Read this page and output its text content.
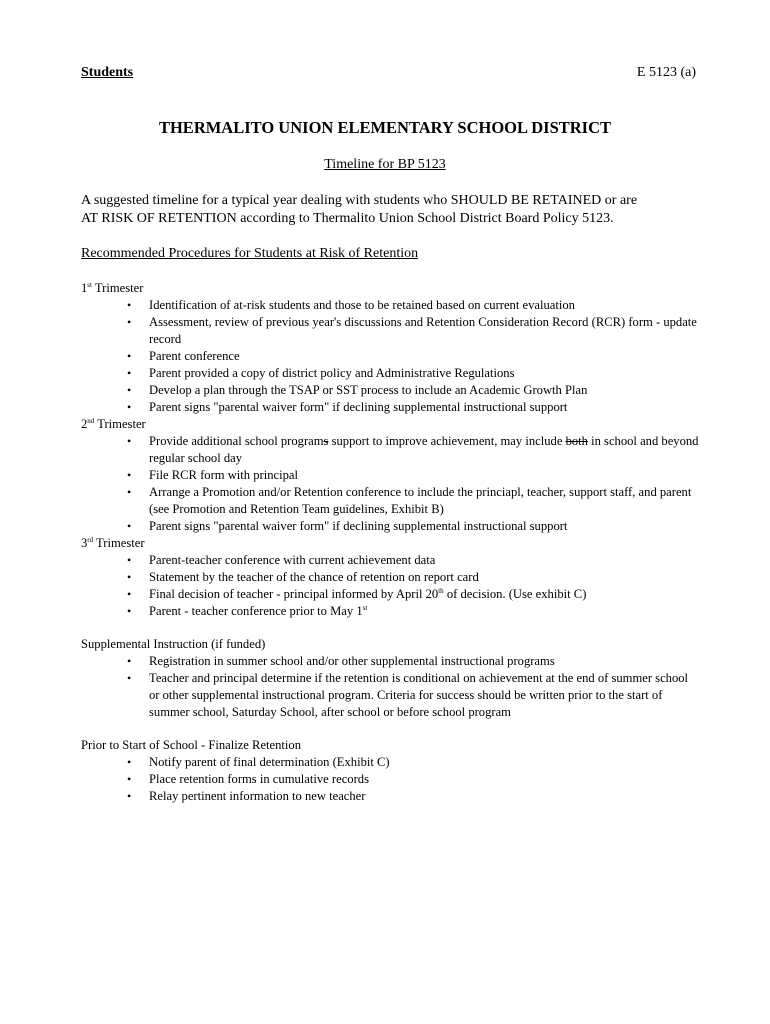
Students	E 5123 (a)
THERMALITO UNION ELEMENTARY SCHOOL DISTRICT
Timeline for BP 5123
A suggested timeline for a typical year dealing with students who SHOULD BE RETAINED or are
AT RISK OF RETENTION according to Thermalito Union School District Board Policy 5123.
Recommended Procedures for Students at Risk of Retention
1st Trimester
• Identification of at-risk students and those to be retained based on current evaluation
• Assessment, review of previous year's discussions and Retention Consideration Record (RCR) form - update record
• Parent conference
• Parent provided a copy of district policy and Administrative Regulations
• Develop a plan through the TSAP or SST process to include an Academic Growth Plan
• Parent signs "parental waiver form" if declining supplemental instructional support
2nd Trimester
• Provide additional school programs support to improve achievement, may include both in school and beyond regular school day
• File RCR form with principal
• Arrange a Promotion and/or Retention conference to include the princiapl, teacher, support staff, and parent (see Promotion and Retention Team guidelines, Exhibit B)
• Parent signs "parental waiver form" if declining supplemental instructional support
3rd Trimester
• Parent-teacher conference with current achievement data
• Statement by the teacher of the chance of retention on report card
• Final decision of teacher - principal informed by April 20th of decision. (Use exhibit C)
• Parent - teacher conference prior to May 1st
Supplemental Instruction (if funded)
• Registration in summer school and/or other supplemental instructional programs
• Teacher and principal determine if the retention is conditional on achievement at the end of summer school or other supplemental instructional program. Criteria for success should be written prior to the start of summer school, Saturday School, after school or before school program
Prior to Start of School - Finalize Retention
• Notify parent of final determination (Exhibit C)
• Place retention forms in cumulative records
• Relay pertinent information to new teacher
